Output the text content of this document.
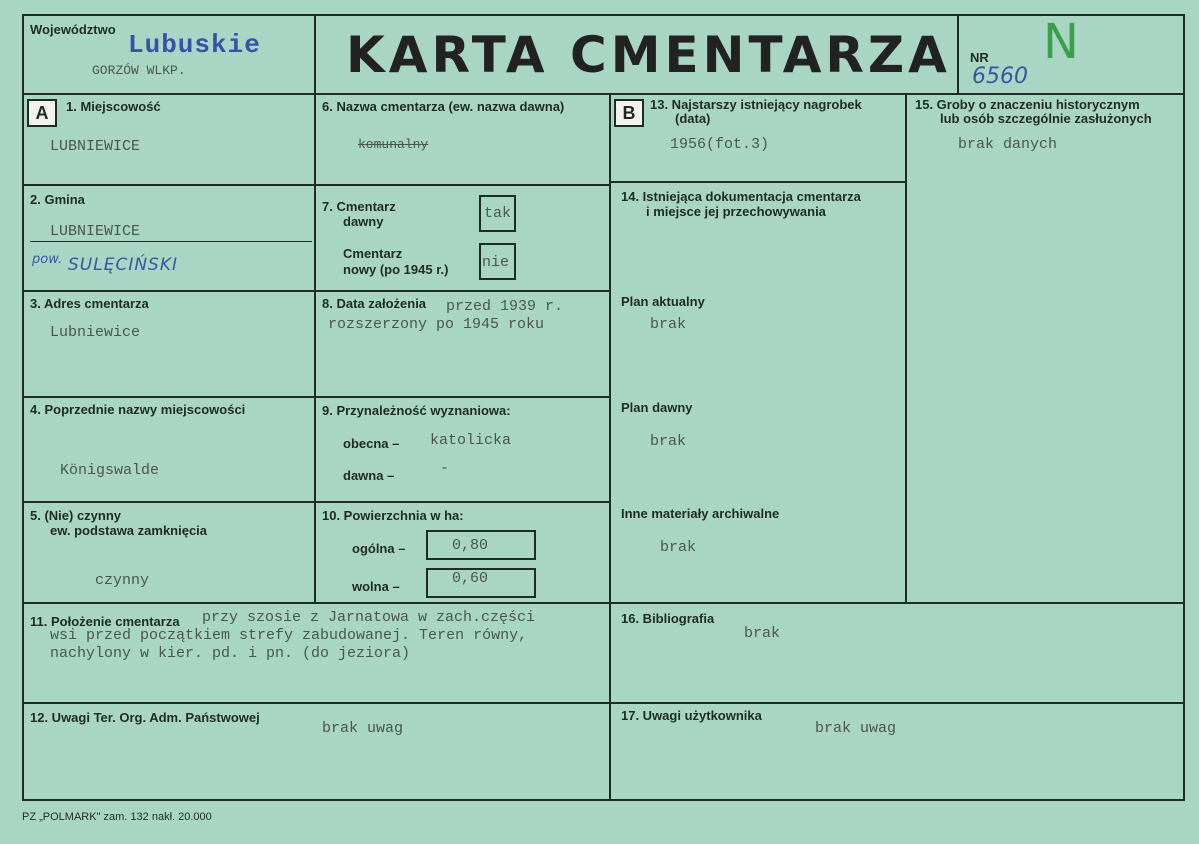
Województwo
Lubuskie
GORZÓW WLKP.	KARTA CMENTARZA NR
6560
N
A	1. Miejscowość
LUBNIEWICE
2. Gmina
LUBNIEWICE
pow. SULĘCIŃSKI
3. Adres cmentarza
Lubniewice
4. Poprzednie nazwy miejscowości
Königswalde
5. (Nie) czynny
ew. podstawa zamknięcia
czynny
6. Nazwa cmentarza (ew. nazwa dawna)
komunalny
7. Cmentarz
dawny	tak
Cmentarz
nowy (po 1945 r.) nie
8. Data założenia przed 1939 r.
rozszerzony po 1945 roku
9. Przynależność wyznaniowa:
obecna – katolicka
dawna –	-
10. Powierzchnia w ha:
ogólna –	0,80
wolna –	0,60
B	13. Najstarszy istniejący nagrobek
(data)
1956(fot.3)
14. Istniejąca dokumentacja cmentarza
i miejsce jej przechowywania
Plan aktualny
brak
Plan dawny
brak
Inne materiały archiwalne
brak
15. Groby o znaczeniu historycznym
lub osób szczególnie zasłużonych
brak danych
11. Położenie cmentarza przy szosie z Jarnatowa w zach.części
wsi przed początkiem strefy zabudowanej. Teren równy,
nachylony w kier. pd. i pn. (do jeziora)
16. Bibliografia
brak
12. Uwagi Ter. Org. Adm. Państwowej
brak uwag
17. Uwagi użytkownika
brak uwag
PZ „POLMARK" zam. 132 nakł. 20.000
